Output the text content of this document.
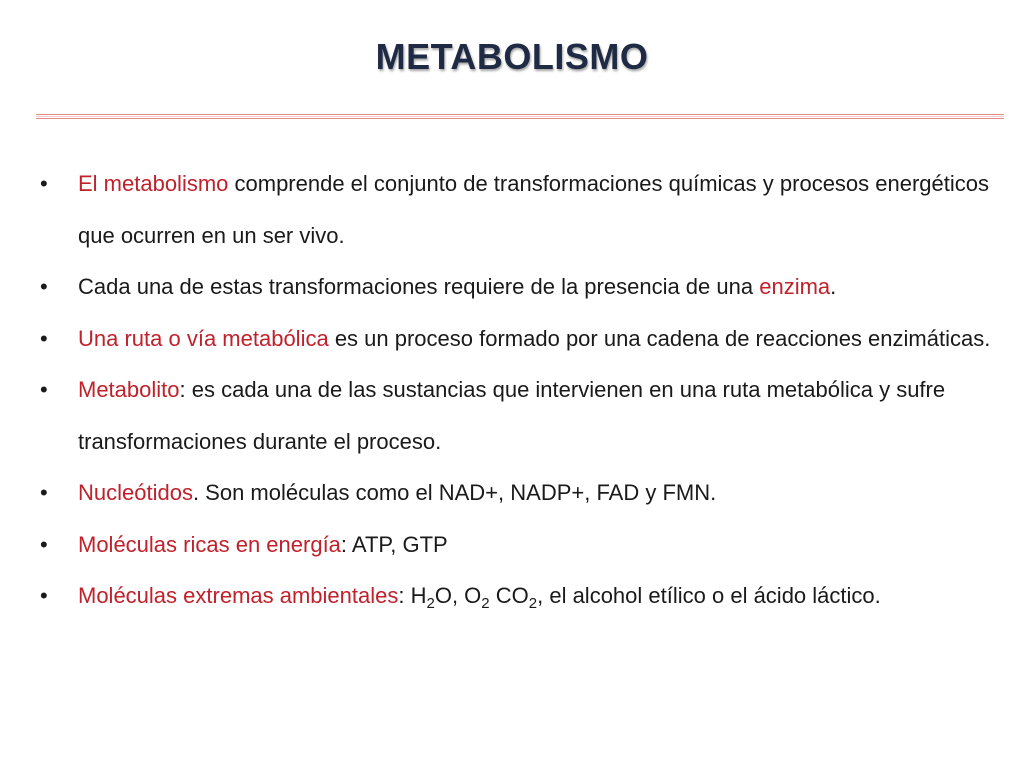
METABOLISMO
•	El metabolismo comprende el conjunto de transformaciones químicas y procesos energéticos que ocurren en un ser vivo.
•	Cada una de estas transformaciones requiere de la presencia de una enzima.
•	Una ruta o vía metabólica es un proceso formado por una cadena de reacciones enzimáticas.
•	Metabolito: es cada una de las sustancias que intervienen en una ruta metabólica y sufre transformaciones durante el proceso.
•	Nucleótidos. Son moléculas como el NAD+, NADP+, FAD y FMN.
•	Moléculas ricas en energía: ATP, GTP
•	Moléculas extremas ambientales: $H_2O$, $O_2$ $CO_2$, el alcohol etílico o el ácido láctico.
